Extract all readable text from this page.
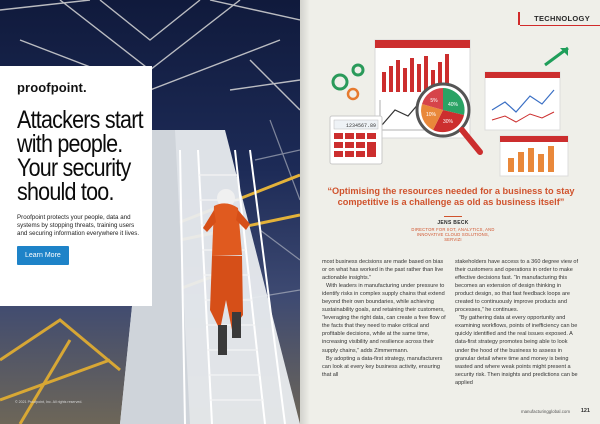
proofpoint.
Attackers start
with people.
Your security
should too.

Proofpoint protects your people, data and systems by stopping threats, training users and securing information everywhere it lives.

Learn More
© 2021 Proofpoint, Inc. All rights reserved.
TECHNOLOGY
1234567.89
40%
30%
10%
5%

“Optimising the resources needed for a business to stay competitive is a challenge as old as business itself”

JENS BECK
DIRECTOR FOR IIOT, ANALYTICS, AND
INNOVATIVE CLOUD SOLUTIONS,
SERVIZI

most business decisions are made based on bias or on what has worked in the past rather than live actionable insights.”

With leaders in manufacturing under pressure to identify risks in complex supply chains that extend beyond their own boundaries, while achieving sustainability goals, and retaining their customers, “leveraging the right data, can create a free flow of the facts that they need to make critical and profitable decisions, while at the same time, increasing visibility and resilience across their supply chains,” adds Zimmermann.

By adopting a data-first strategy, manufacturers can look at every key business activity, ensuring that all

stakeholders have access to a 360 degree view of their customers and operations in order to make effective decisions fast. “In manufacturing this becomes an extension of design thinking in product design, so that fast feedback loops are created to continuously improve products and processes,” he continues.

“By gathering data at every opportunity and examining workflows, points of inefficiency can be quickly identified and the real issues exposed. A data-first strategy promotes being able to look under the hood of the business to assess in granular detail where time and money is being wasted and where weak points might present a security risk. Then insights and predictions can be applied

manufacturingglobal.com 121
